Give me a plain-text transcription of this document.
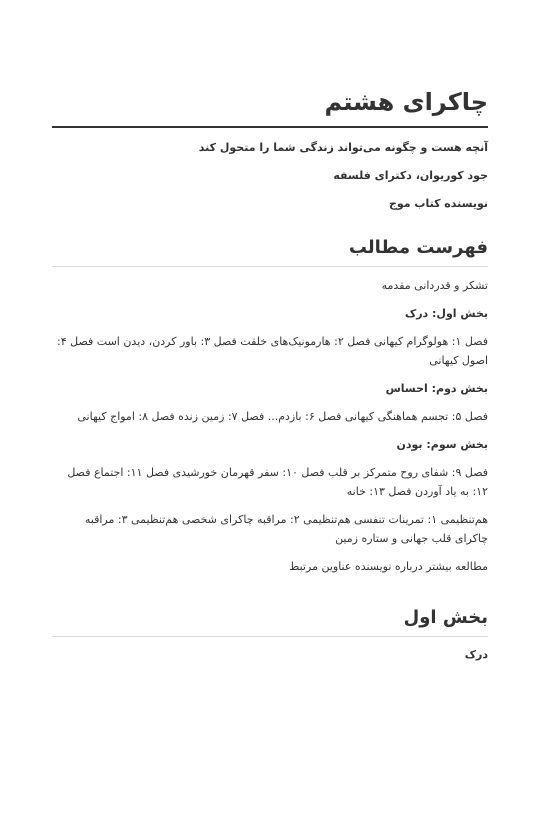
چاکرای هشتم

آنچه هست و چگونه می‌تواند زندگی شما را متحول کند

جود کوریوان، دکترای فلسفه

نویسنده کتاب موج

فهرست مطالب

تشکر و قدردانی مقدمه

بخش اول: درک

فصل ۱: هولوگرام کیهانی فصل ۲: هارمونیک‌های خلقت فصل ۳: باور کردن، دیدن است فصل ۴: اصول کیهانی

بخش دوم: احساس

فصل ۵: تجسم هماهنگی کیهانی فصل ۶: بازدم... فصل ۷: زمین زنده فصل ۸: امواج کیهانی

بخش سوم: بودن

فصل ۹: شفای روح متمرکز بر قلب فصل ۱۰: سفر قهرمان خورشیدی فصل ۱۱: اجتماع فصل ۱۲: به یاد آوردن فصل ۱۳: خانه

هم‌تنظیمی ۱: تمرینات تنفسی هم‌تنظیمی ۲: مراقبه چاکرای شخصی هم‌تنظیمی ۳: مراقبه چاکرای قلب جهانی و ستاره زمین

مطالعه بیشتر درباره نویسنده عناوین مرتبط

بخش اول

درک
